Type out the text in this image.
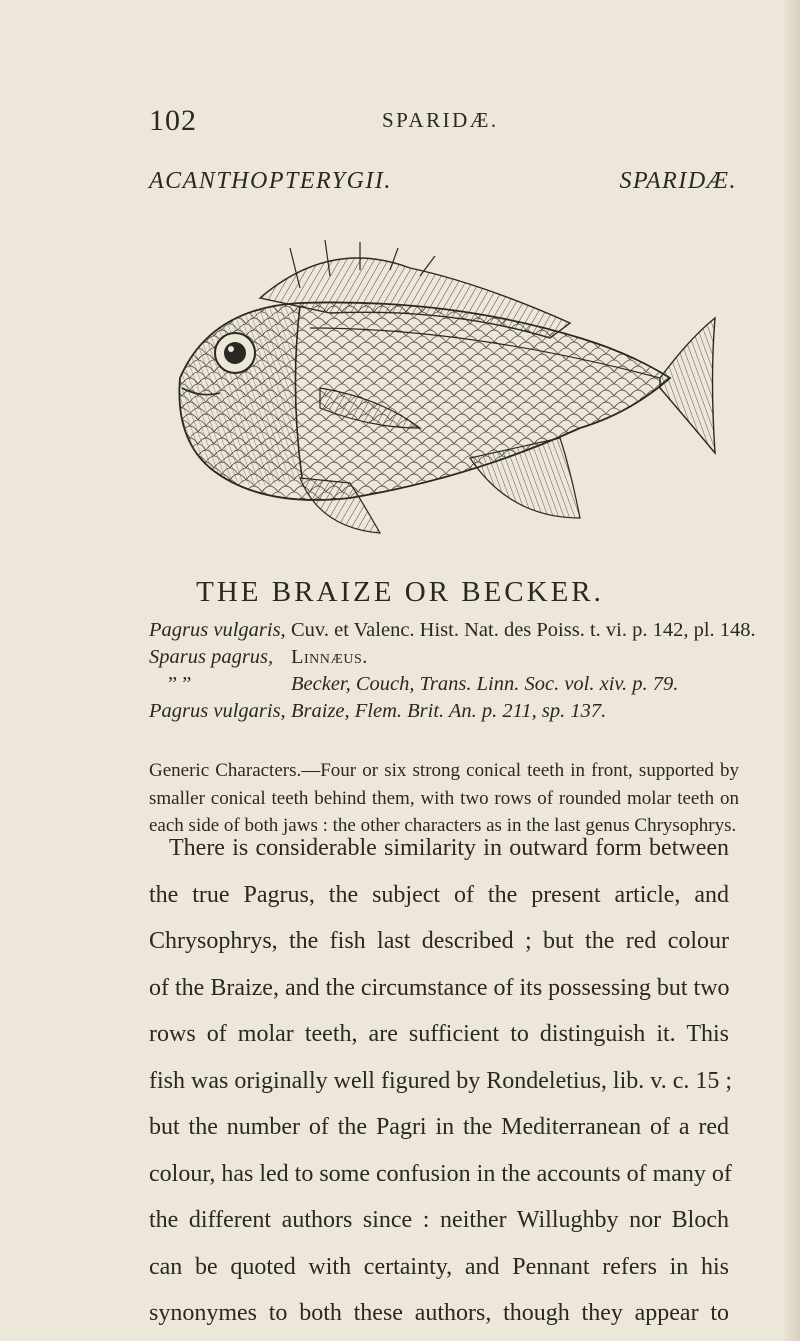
102	SPARIDÆ.
ACANTHOPTERYGII.	SPARIDÆ.
THE BRAIZE OR BECKER.
Pagrus vulgaris, Cuv. et Valenc. Hist. Nat. des Poiss. t. vi. p. 142, pl. 148.
Sparus pagrus, Linnæus.
” ”	Becker, Couch, Trans. Linn. Soc. vol. xiv. p. 79.
Pagrus vulgaris, Braize, Flem. Brit. An. p. 211, sp. 137.
Generic Characters.—Four or six strong conical teeth in front, supported by
smaller conical teeth behind them, with two rows of rounded molar teeth on
each side of both jaws : the other characters as in the last genus Chrysophrys.
There is considerable similarity in outward form between
the true Pagrus, the subject of the present article, and
Chrysophrys, the fish last described ; but the red colour
of the Braize, and the circumstance of its possessing but two
rows of molar teeth, are sufficient to distinguish it. This
fish was originally well figured by Rondeletius, lib. v. c. 15 ;
but the number of the Pagri in the Mediterranean of a red
colour, has led to some confusion in the accounts of many of
the different authors since : neither Willughby nor Bloch
can be quoted with certainty, and Pennant refers in his
synonymes to both these authors, though they appear to
